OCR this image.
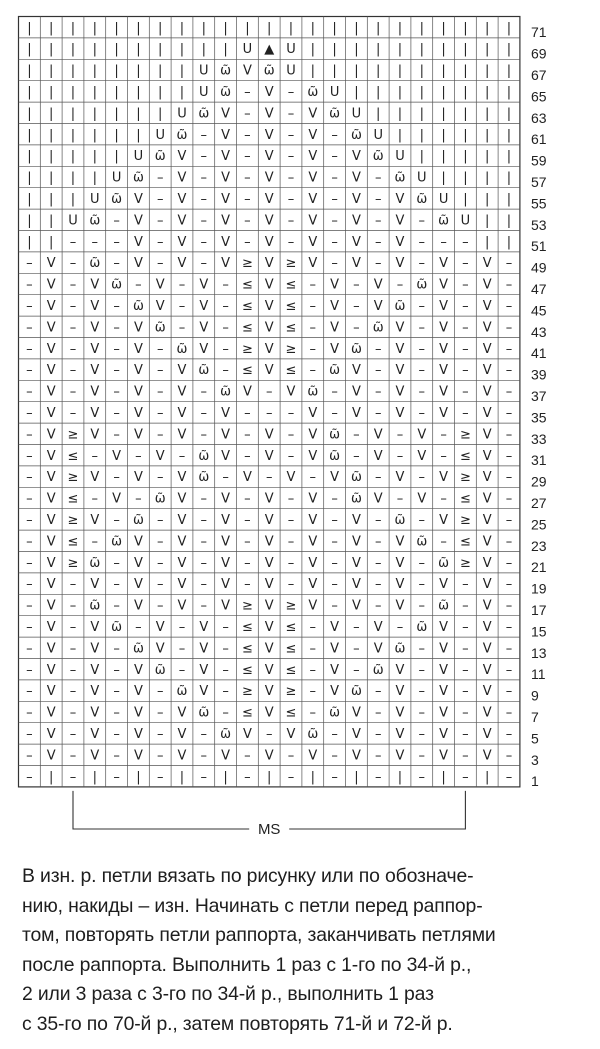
| | | | | | | | | | | | | | | | | | | | | | |
| | | | | | | | | | U ▲ U | | | | | | | | | |
| | | | | | | | U ῶ V ῶ U | | | | | | | | | |
| | | | | | | | U ῶ – V – ῶ U | | | | | | | |
| | | | | | | U ῶ V – V – V ῶ U | | | | | | |
| | | | | | U ῶ – V – V – V – ῶ U | | | | | |
| | | | | U ῶ V – V – V – V – V ῶ U | | | | |
| | | | U ῶ – V – V – V – V – V – ῶ U | | | |
| | | U ῶ V – V – V – V – V – V – V ῶ U | | |
| | U ῶ – V – V – V – V – V – V – V – ῶ U | |
| | – – – V – V – V – V – V – V – V – – – | |
– V – ῶ – V – V – V ≥ V ≥ V – V – V – V – V –
– V – V ῶ – V – V – ≤ V ≤ – V – V – ῶ V – V –
– V – V – ῶ V – V – ≤ V ≤ – V – V ῶ – V – V –
– V – V – V ῶ – V – ≤ V ≤ – V – ῶ V – V – V –
– V – V – V – ῶ V – ≥ V ≥ – V ῶ – V – V – V –
– V – V – V – V ῶ – ≤ V ≤ – ῶ V – V – V – V –
– V – V – V – V – ῶ V – V ῶ – V – V – V – V –
– V – V – V – V – V – – – V – V – V – V – V –
– V ≥ V – V – V – V – V – V ῶ – V – V – ≥ V –
– V ≤ – V – V – ῶ V – V – V ῶ – V – V – ≤ V –
– V ≥ V – V – V ῶ – V – V – V ῶ – V – V ≥ V –
– V ≤ – V – ῶ V – V – V – V – ῶ V – V – ≤ V –
– V ≥ V – ῶ – V – V – V – V – V – ῶ – V ≥ V –
– V ≤ – ῶ V – V – V – V – V – V – V ῶ – ≤ V –
– V ≥ ῶ – V – V – V – V – V – V – V – ῶ ≥ V –
– V – V – V – V – V – V – V – V – V – V – V –
– V – ῶ – V – V – V ≥ V ≥ V – V – V – ῶ – V –
– V – V ῶ – V – V – ≤ V ≤ – V – V – ῶ V – V –
– V – V – ῶ V – V – ≤ V ≤ – V – V ῶ – V – V –
– V – V – V ῶ – V – ≤ V ≤ – V – ῶ V – V – V –
– V – V – V – ῶ V – ≥ V ≥ – V ῶ – V – V – V –
– V – V – V – V ῶ – ≤ V ≤ – ῶ V – V – V – V –
– V – V – V – V – ῶ V – V ῶ – V – V – V – V –
– V – V – V – V – V – V – V – V – V – V – V –
– | – | – | – | – | – | – | – | – | – | – | –
71
69
67
65
63
61
59
57
55
53
51
49
47
45
43
41
39
37
35
33
31
29
27
25
23
21
19
17
15
13
11
9
7
5
3
1
MS
В изн. р. петли вязать по рисунку или по обозначе-
нию, накиды – изн. Начинать с петли перед раппор-
том, повторять петли раппорта, заканчивать петлями
после раппорта. Выполнить 1 раз с 1-го по 34-й р.,
2 или 3 раза с 3-го по 34-й р., выполнить 1 раз
с 35-го по 70-й р., затем повторять 71-й и 72-й р.
